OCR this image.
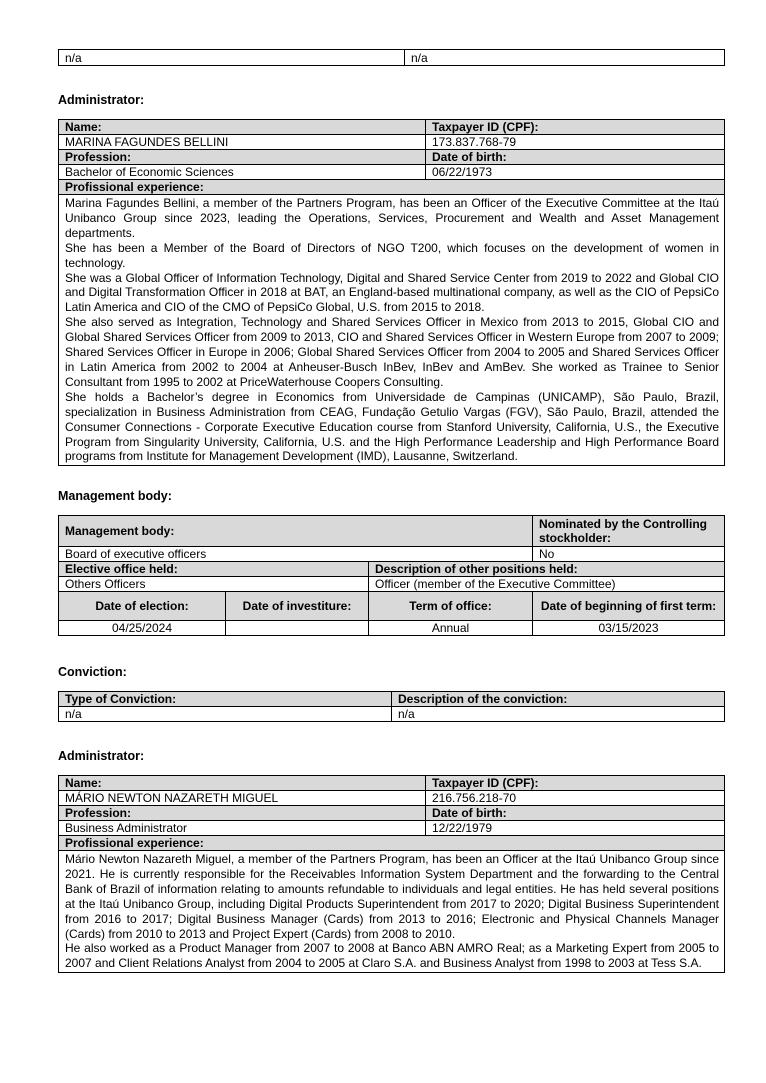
n/a	n/a
Administrator:
Name:	Taxpayer ID (CPF):
MARINA FAGUNDES BELLINI	173.837.768-79
Profession:	Date of birth:
Bachelor of Economic Sciences	06/22/1973
Profissional experience:	

Marina Fagundes Bellini, a member of the Partners Program, has been an Officer of the Executive Committee at the Itaú Unibanco Group since 2023, leading the Operations, Services, Procurement and Wealth and Asset Management departments.
She has been a Member of the Board of Directors of NGO T200, which focuses on the development of women in technology.
She was a Global Officer of Information Technology, Digital and Shared Service Center from 2019 to 2022 and Global CIO and Digital Transformation Officer in 2018 at BAT, an England-based multinational company, as well as the CIO of PepsiCo Latin America and CIO of the CMO of PepsiCo Global, U.S. from 2015 to 2018.
She also served as Integration, Technology and Shared Services Officer in Mexico from 2013 to 2015, Global CIO and Global Shared Services Officer from 2009 to 2013, CIO and Shared Services Officer in Western Europe from 2007 to 2009; Shared Services Officer in Europe in 2006; Global Shared Services Officer from 2004 to 2005 and Shared Services Officer in Latin America from 2002 to 2004 at Anheuser-Busch InBev, InBev and AmBev. She worked as Trainee to Senior Consultant from 1995 to 2002 at PriceWaterhouse Coopers Consulting.
She holds a Bachelor’s degree in Economics from Universidade de Campinas (UNICAMP), São Paulo, Brazil, specialization in Business Administration from CEAG, Fundação Getulio Vargas (FGV), São Paulo, Brazil, attended the Consumer Connections - Corporate Executive Education course from Stanford University, California, U.S., the Executive Program from Singularity University, California, U.S. and the High Performance Leadership and High Performance Board programs from Institute for Management Development (IMD), Lausanne, Switzerland.	
Management body:
Management body:			Nominated by the Controlling stockholder:
Board of executive officers			No
Elective office held:		Description of other positions held:	
Others Officers		Officer (member of the Executive Committee)	
Date of election:	Date of investiture:	Term of office:	Date of beginning of first term:
04/25/2024		Annual	03/15/2023
Conviction:
Type of Conviction:	Description of the conviction:
n/a	n/a
Administrator:
Name:	Taxpayer ID (CPF):
MÁRIO NEWTON NAZARETH MIGUEL	216.756.218-70
Profession:	Date of birth:
Business Administrator	12/22/1979
Profissional experience:	

Mário Newton Nazareth Miguel, a member of the Partners Program, has been an Officer at the Itaú Unibanco Group since 2021. He is currently responsible for the Receivables Information System Department and the forwarding to the Central Bank of Brazil of information relating to amounts refundable to individuals and legal entities. He has held several positions at the Itaú Unibanco Group, including Digital Products Superintendent from 2017 to 2020; Digital Business Superintendent from 2016 to 2017; Digital Business Manager (Cards) from 2013 to 2016; Electronic and Physical Channels Manager (Cards) from 2010 to 2013 and Project Expert (Cards) from 2008 to 2010.
He also worked as a Product Manager from 2007 to 2008 at Banco ABN AMRO Real; as a Marketing Expert from 2005 to 2007 and Client Relations Analyst from 2004 to 2005 at Claro S.A. and Business Analyst from 1998 to 2003 at Tess S.A.	
